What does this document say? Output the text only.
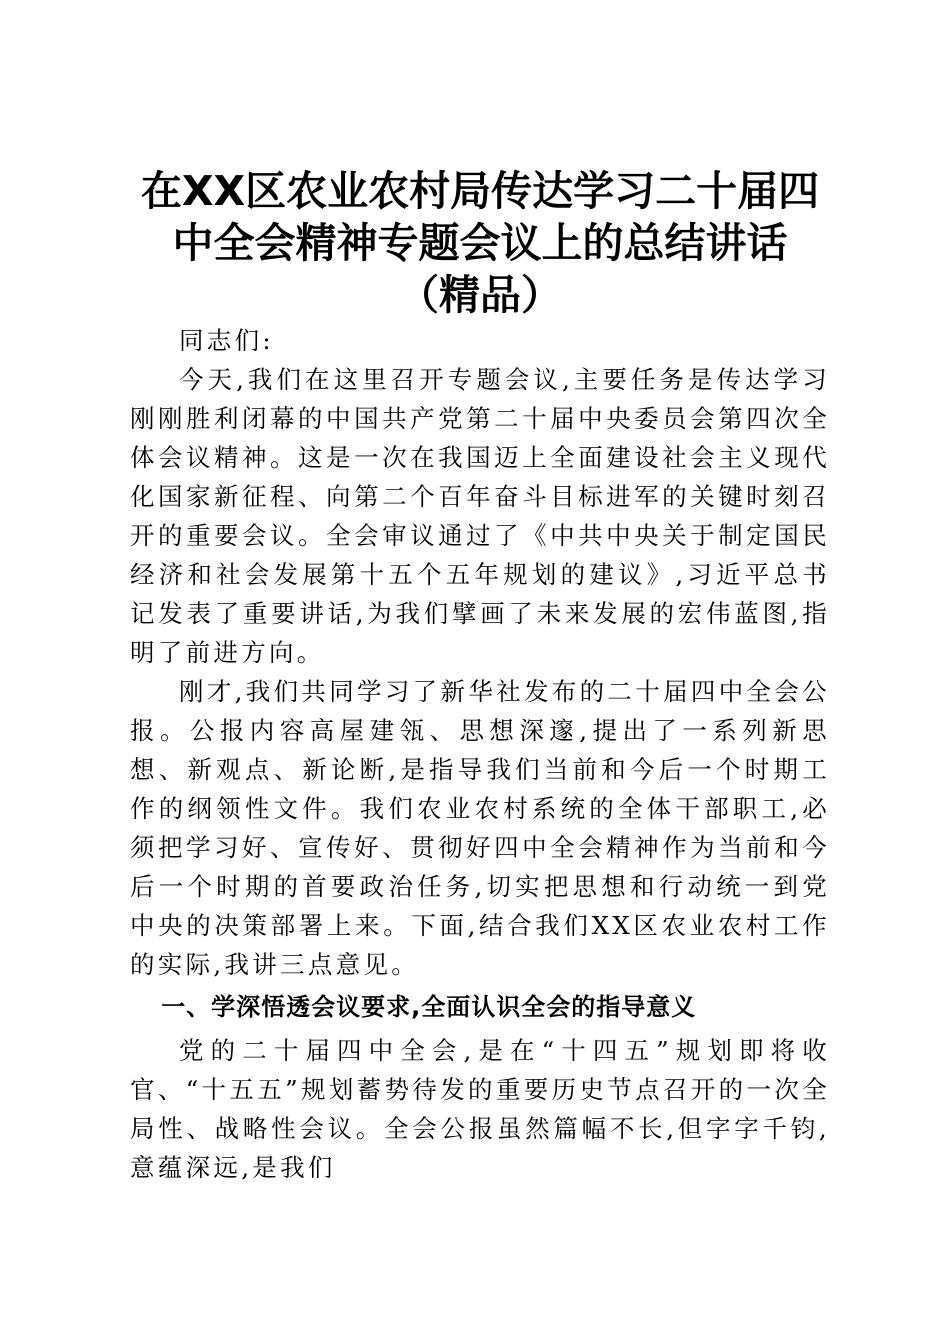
在XX区农业农村局传达学习二十届四
中全会精神专题会议上的总结讲话
（精品）

同志们:

今天,我们在这里召开专题会议,主要任务是传达学习刚刚胜利闭幕的中国共产党第二十届中央委员会第四次全体会议精神。这是一次在我国迈上全面建设社会主义现代化国家新征程、向第二个百年奋斗目标进军的关键时刻召开的重要会议。全会审议通过了《中共中央关于制定国民经济和社会发展第十五个五年规划的建议》,习近平总书记发表了重要讲话,为我们擘画了未来发展的宏伟蓝图,指明了前进方向。

刚才,我们共同学习了新华社发布的二十届四中全会公报。公报内容高屋建瓴、思想深邃,提出了一系列新思想、新观点、新论断,是指导我们当前和今后一个时期工作的纲领性文件。我们农业农村系统的全体干部职工,必须把学习好、宣传好、贯彻好四中全会精神作为当前和今后一个时期的首要政治任务,切实把思想和行动统一到党中央的决策部署上来。下面,结合我们XX区农业农村工作的实际,我讲三点意见。

一、学深悟透会议要求,全面认识全会的指导意义

党的二十届四中全会,是在“十四五”规划即将收官、“十五五”规划蓄势待发的重要历史节点召开的一次全局性、战略性会议。全会公报虽然篇幅不长,但字字千钧,意蕴深远,是我们
